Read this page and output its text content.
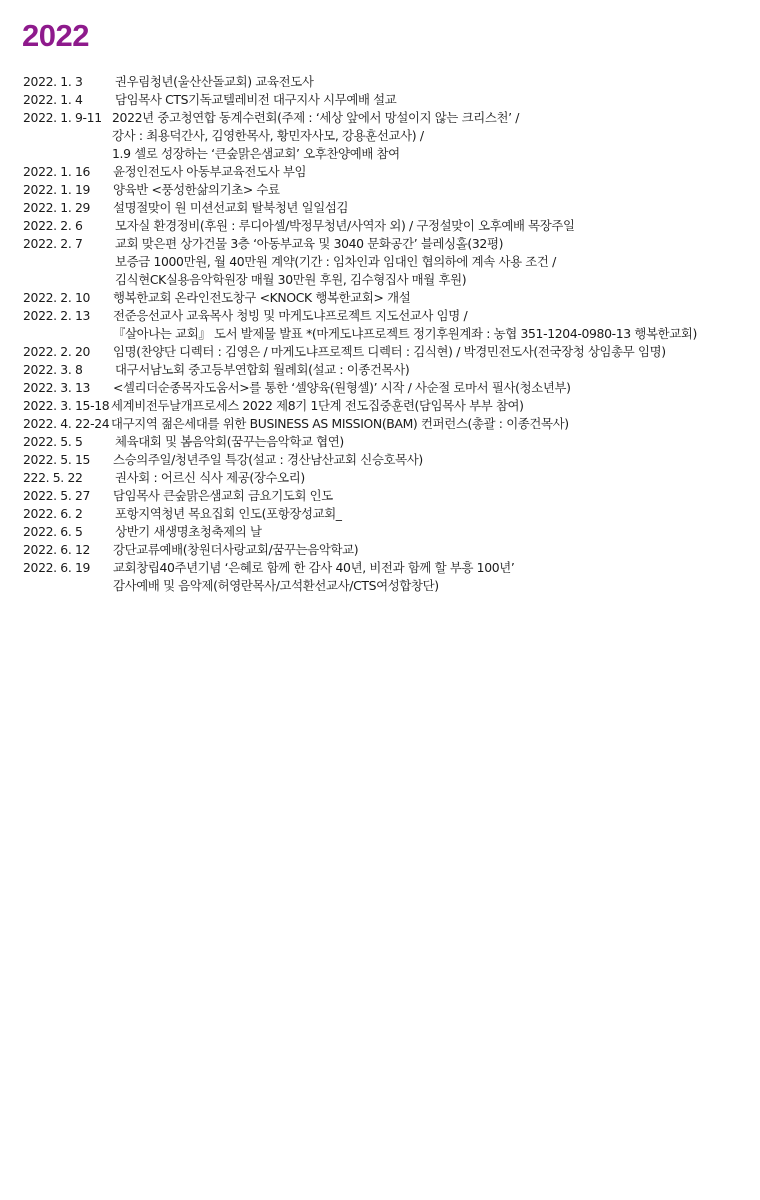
2022
2022. 1. 3	권우림청년(울산산돌교회) 교육전도사
2022. 1. 4	담임목사 CTS기독교텔레비전 대구지사 시무예배 설교
2022. 1. 9-11 2022년 중고청연합 동계수련회(주제 : ‘세상 앞에서 망설이지 않는 크리스천’ /
강사 : 최용덕간사, 김영한목사, 황민자사모, 강용훈선교사) /
1.9 셀로 성장하는 ‘큰숲맑은샘교회’ 오후찬양예배 참여
2022. 1. 16	윤정인전도사 아동부교육전도사 부임
2022. 1. 19	양육반 <풍성한삶의기초> 수료
2022. 1. 29	설명절맞이 원 미션선교회 탈북청년 일일섬김
2022. 2. 6	모자실 환경정비(후원 : 루디아셀/박정무청년/사역자 외) / 구정설맞이 오후예배 목장주일
2022. 2. 7	교회 맞은편 상가건물 3층 ‘아동부교육 및 3040 문화공간’ 블레싱홀(32평)
보증금 1000만원, 월 40만원 계약(기간 : 임차인과 임대인 협의하에 계속 사용 조건 /
김식현CK실용음악학원장 매월 30만원 후원, 김수형집사 매월 후원)
2022. 2. 10	행복한교회 온라인전도창구 <KNOCK 행복한교회> 개설
2022. 2. 13	전준응선교사 교육목사 청빙 및 마게도냐프로젝트 지도선교사 임명 /
『살아나는 교회』 도서 발제물 발표 *(마게도냐프로젝트 정기후원계좌 : 농협 351-1204-0980-13 행복한교회)
2022. 2. 20	임명(찬양단 디렉터 : 김영은 / 마게도냐프로젝트 디렉터 : 김식현) / 박경민전도사(전국장청 상임총무 임명)
2022. 3. 8	대구서남노회 중고등부연합회 월례회(설교 : 이종건목사)
2022. 3. 13	<셀리더순종목자도움서>를 통한 ‘셀양육(원형셀)’ 시작 / 사순절 로마서 필사(청소년부)
2022. 3. 15-18 세계비전두날개프로세스 2022 제8기 1단계 전도집중훈련(담임목사 부부 참여)
2022. 4. 22-24 대구지역 젊은세대를 위한 BUSINESS AS MISSION(BAM) 컨퍼런스(총괄 : 이종건목사)
2022. 5. 5	체육대회 및 봄음악회(꿈꾸는음악학교 협연)
2022. 5. 15	스승의주일/청년주일 특강(설교 : 경산남산교회 신승호목사)
222. 5. 22	권사회 : 어르신 식사 제공(장수오리)
2022. 5. 27	담임목사 큰숲맑은샘교회 금요기도회 인도
2022. 6. 2	포항지역청년 목요집회 인도(포항장성교회_
2022. 6. 5	상반기 새생명초청축제의 날
2022. 6. 12	강단교류예배(창원더사랑교회/꿈꾸는음악학교)
2022. 6. 19	교회창립40주년기념 ‘은혜로 함께 한 감사 40년, 비전과 함께 할 부흥 100년’
감사예배 및 음악제(허영란목사/고석환선교사/CTS여성합창단)
